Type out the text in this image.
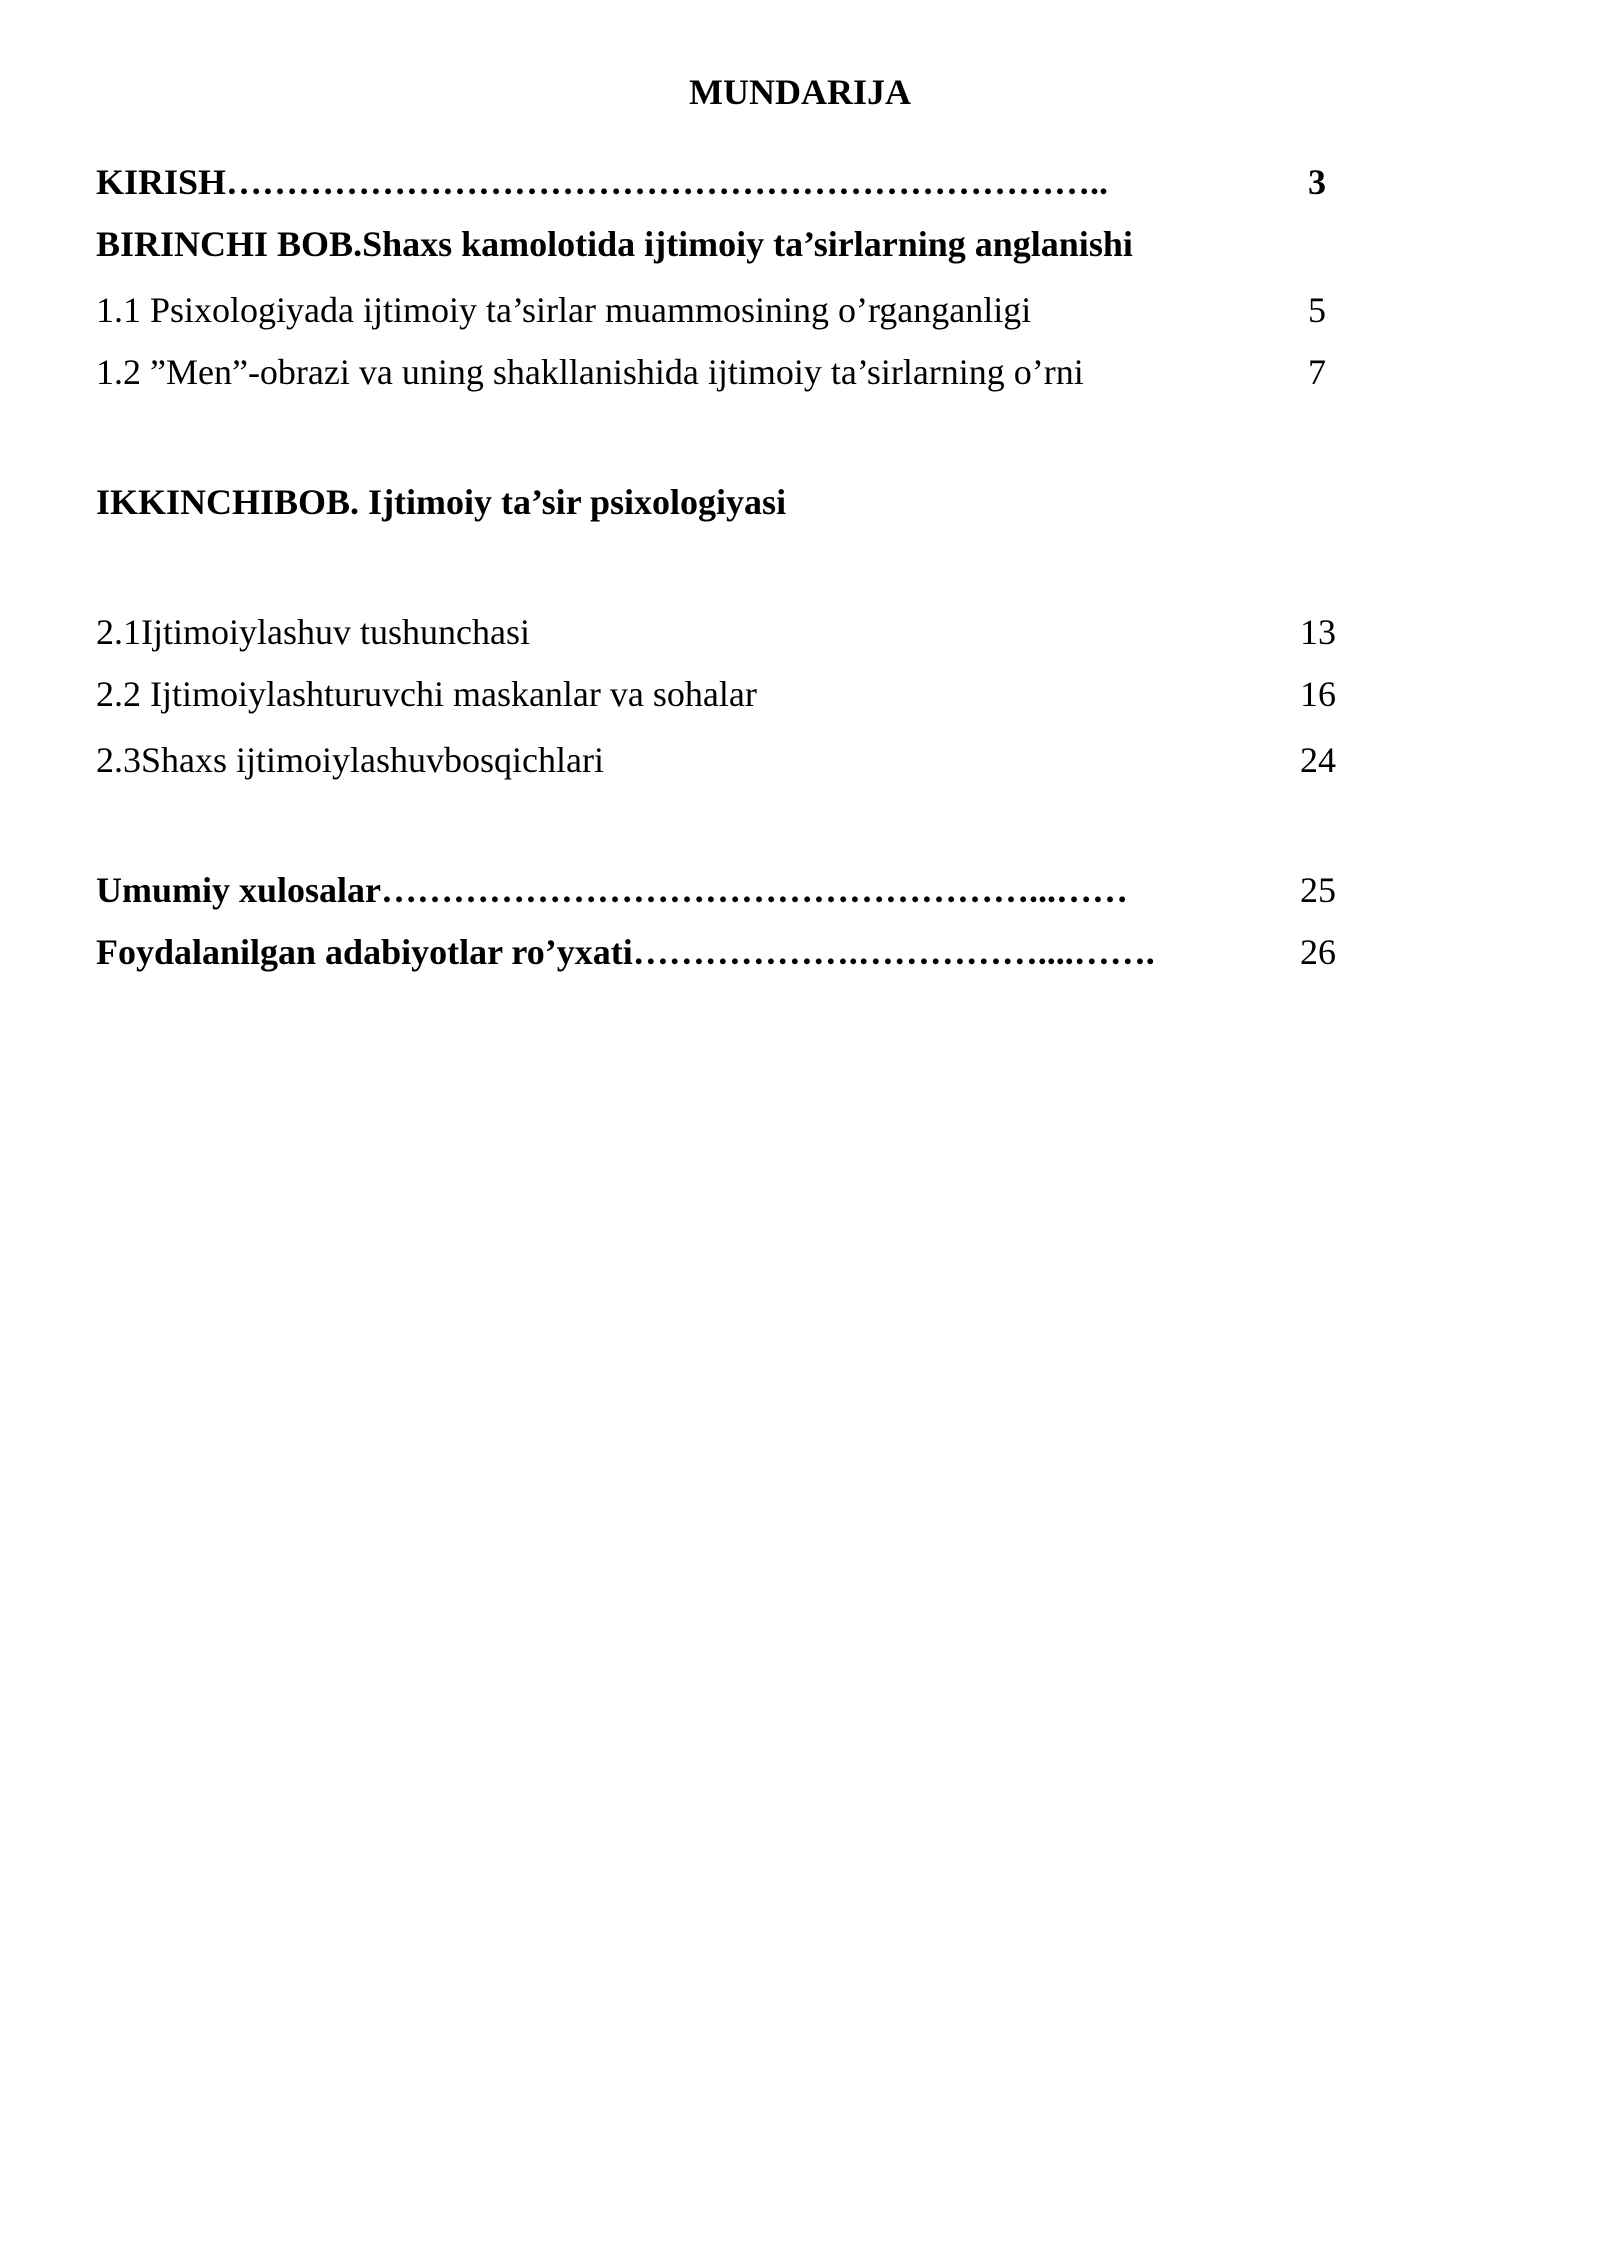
MUNDARIJA
KIRISH………………………………………………………………..	3
BIRINCHI BOB.Shaxs kamolotida ijtimoiy ta’sirlarning anglanishi
1.1 Psixologiyada ijtimoiy ta’sirlar muammosining o’rganganligi	5
1.2 ”Men”-obrazi va uning shakllanishida ijtimoiy ta’sirlarning o’rni	7
IKKINCHIBOB. Ijtimoiy ta’sir psixologiyasi
2.1Ijtimoiylashuv tushunchasi	13
2.2 Ijtimoiylashturuvchi maskanlar va sohalar	16
2.3Shaxs ijtimoiylashuvbosqichlari	24
Umumiy xulosalar………………………………………………...……	25
Foydalanilgan adabiyotlar ro’yxati……………….……………....…….	26
